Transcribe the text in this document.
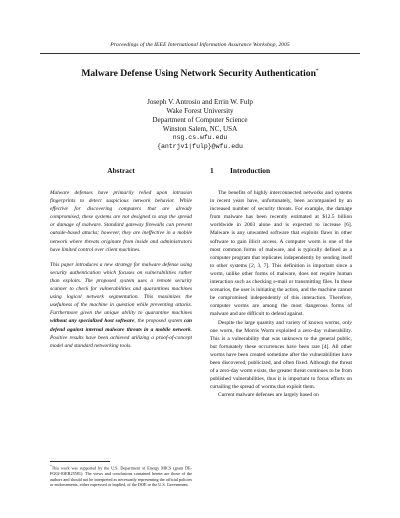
Proceedings of the IEEE International Information Assurance Workshop, 2005
Malware Defense Using Network Security Authentication*
Joseph V. Antrosio and Errin W. Fulp
Wake Forest University
Department of Computer Science
Winston Salem, NC, USA
nsg.cs.wfu.edu
{antrjv1|fulp}@wfu.edu
Abstract

Malware defenses have primarily relied upon intrusion fingerprints to detect suspicious network behavior. While effective for discovering computers that are already compromised, these systems are not designed to stop the spread or damage of malware. Standard gateway firewalls can prevent outside-based attacks; however, they are ineffective in a mobile network where threats originate from inside and administrators have limited control over client machines.

This paper introduces a new strategy for malware defense using security authentication which focuses on vulnerabilities rather than exploits. The proposed system uses a remote security scanner to check for vulnerabilities and quarantines machines using logical network segmentation. This maximizes the usefulness of the machine in question while preventing attacks. Furthermore given the unique ability to quarantine machines without any specialized host software, the proposed system can defend against internal malware threats in a mobile network. Positive results have been achieved utilizing a proof-of-concept model and standard networking tools.

*This work was supported by the U.S. Department of Energy MICS (grant DE-FG02-03ER25581). The views and conclusions contained herein are those of the authors and should not be interpreted as necessarily representing the official policies or endorsements, either expressed or implied, of the DOE or the U.S. Government.
1 Introduction

The benefits of highly interconnected networks and systems in recent years have, unfortunately, been accompanied by an increased number of security threats. For example, the damage from malware has been recently estimated at $12.5 billion worldwide in 2003 alone and is expected to increase [6]. Malware is any unwanted software that exploits flaws in other software to gain illicit access. A computer worm is one of the most common forms of malware, and is typically defined as a computer program that replicates independently by sending itself to other systems [2, 3, 7]. This definition is important since a worm, unlike other forms of malware, does not require human interaction such as checking e-mail or transmitting files. In these scenarios, the user is initiating the action, and the machine cannot be compromised independently of this interaction. Therefore, computer worms are among the most dangerous forms of malware and are difficult to defend against.

Despite the large quantity and variety of known worms, only one worm, the Morris Worm exploited a zero-day vulnerability. This is a vulnerability that was unknown to the general public, but fortunately these occurrences have been rare [4]. All other worms have been created sometime after the vulnerabilities have been discovered, publicized, and often fixed. Although the threat of a zero-day worm exists, the greater threat continues to be from published vulnerabilities, thus it is important to focus efforts on curtailing the spread of worms that exploit them.

Current malware defenses are largely based on
